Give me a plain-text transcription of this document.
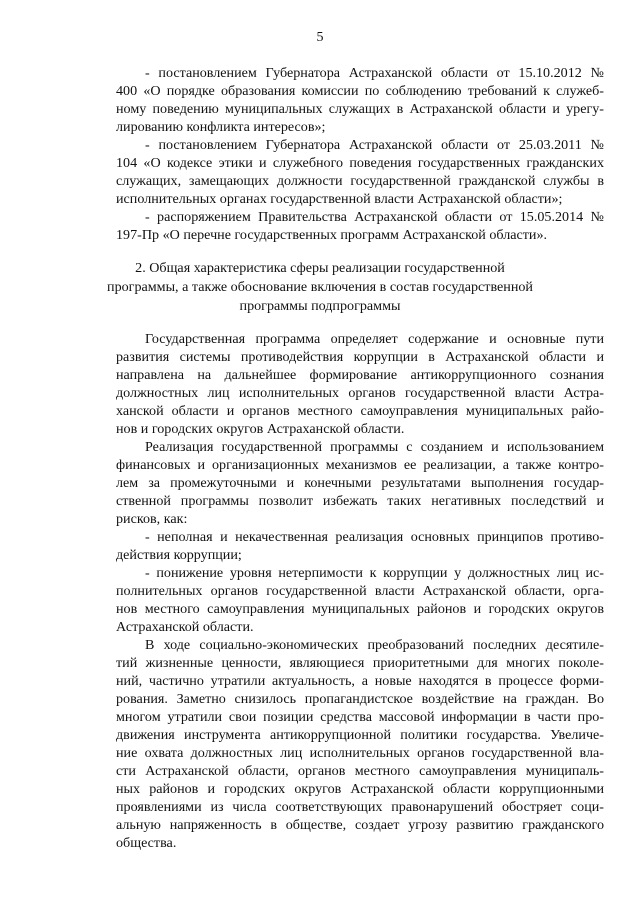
5
- постановлением Губернатора Астраханской области от 15.10.2012 №
400 «О порядке образования комиссии по соблюдению требований к служеб-
ному поведению муниципальных служащих в Астраханской области и урегу-
лированию конфликта интересов»;
- постановлением Губернатора Астраханской области от 25.03.2011 №
104 «О кодексе этики и служебного поведения государственных гражданских
служащих, замещающих должности государственной гражданской службы в
исполнительных органах государственной власти Астраханской области»;
- распоряжением Правительства Астраханской области от 15.05.2014 №
197-Пр «О перечне государственных программ Астраханской области».
2. Общая характеристика сферы реализации государственной
программы, а также обоснование включения в состав государственной
программы подпрограммы
Государственная программа определяет содержание и основные пути
развития системы противодействия коррупции в Астраханской области и
направлена на дальнейшее формирование антикоррупционного сознания
должностных лиц исполнительных органов государственной власти Астра-
ханской области и органов местного самоуправления муниципальных райо-
нов и городских округов Астраханской области.
Реализация государственной программы с созданием и использованием
финансовых и организационных механизмов ее реализации, а также контро-
лем за промежуточными и конечными результатами выполнения государ-
ственной программы позволит избежать таких негативных последствий и
рисков, как:
- неполная и некачественная реализация основных принципов противо-
действия коррупции;
- понижение уровня нетерпимости к коррупции у должностных лиц ис-
полнительных органов государственной власти Астраханской области, орга-
нов местного самоуправления муниципальных районов и городских округов
Астраханской области.
В ходе социально-экономических преобразований последних десятиле-
тий жизненные ценности, являющиеся приоритетными для многих поколе-
ний, частично утратили актуальность, а новые находятся в процессе форми-
рования. Заметно снизилось пропагандистское воздействие на граждан. Во
многом утратили свои позиции средства массовой информации в части про-
движения инструмента антикоррупционной политики государства. Увеличе-
ние охвата должностных лиц исполнительных органов государственной вла-
сти Астраханской области, органов местного самоуправления муниципаль-
ных районов и городских округов Астраханской области коррупционными
проявлениями из числа соответствующих правонарушений обостряет соци-
альную напряженность в обществе, создает угрозу развитию гражданского
общества.
